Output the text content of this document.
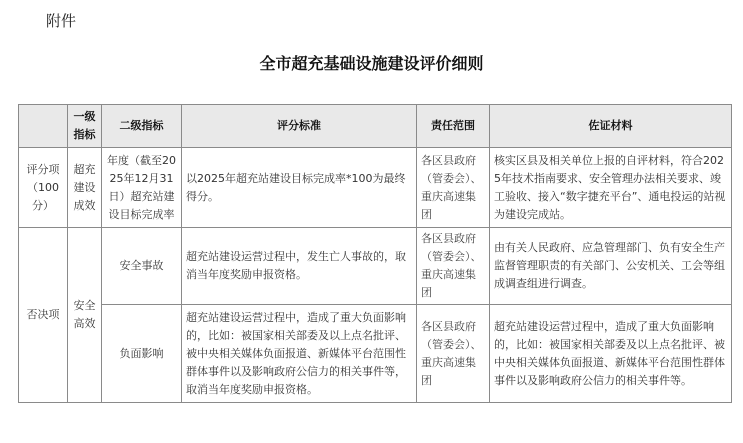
附件
全市超充基础设施建设评价细则
	一级指标	二级指标	评分标准	责任范围	佐证材料
评分项（100分）	超充建设成效	年度（截至2025年12月31日）超充站建设目标完成率	以2025年超充站建设目标完成率*100为最终得分。	各区县政府（管委会）、重庆高速集团	核实区县及相关单位上报的自评材料，符合2025年技术指南要求、安全管理办法相关要求、竣工验收、接入“数字捷充平台”、通电投运的站视为建设完成站。
否决项	安全高效	安全事故	超充站建设运营过程中，发生亡人事故的，取消当年度奖励申报资格。	各区县政府（管委会）、重庆高速集团	由有关人民政府、应急管理部门、负有安全生产监督管理职责的有关部门、公安机关、工会等组成调查组进行调查。
		负面影响	超充站建设运营过程中，造成了重大负面影响的，比如：被国家相关部委及以上点名批评、被中央相关媒体负面报道、新媒体平台范围性群体事件以及影响政府公信力的相关事件等，取消当年度奖励申报资格。	各区县政府（管委会）、重庆高速集团	超充站建设运营过程中，造成了重大负面影响的，比如：被国家相关部委及以上点名批评、被中央相关媒体负面报道、新媒体平台范围性群体事件以及影响政府公信力的相关事件等。
